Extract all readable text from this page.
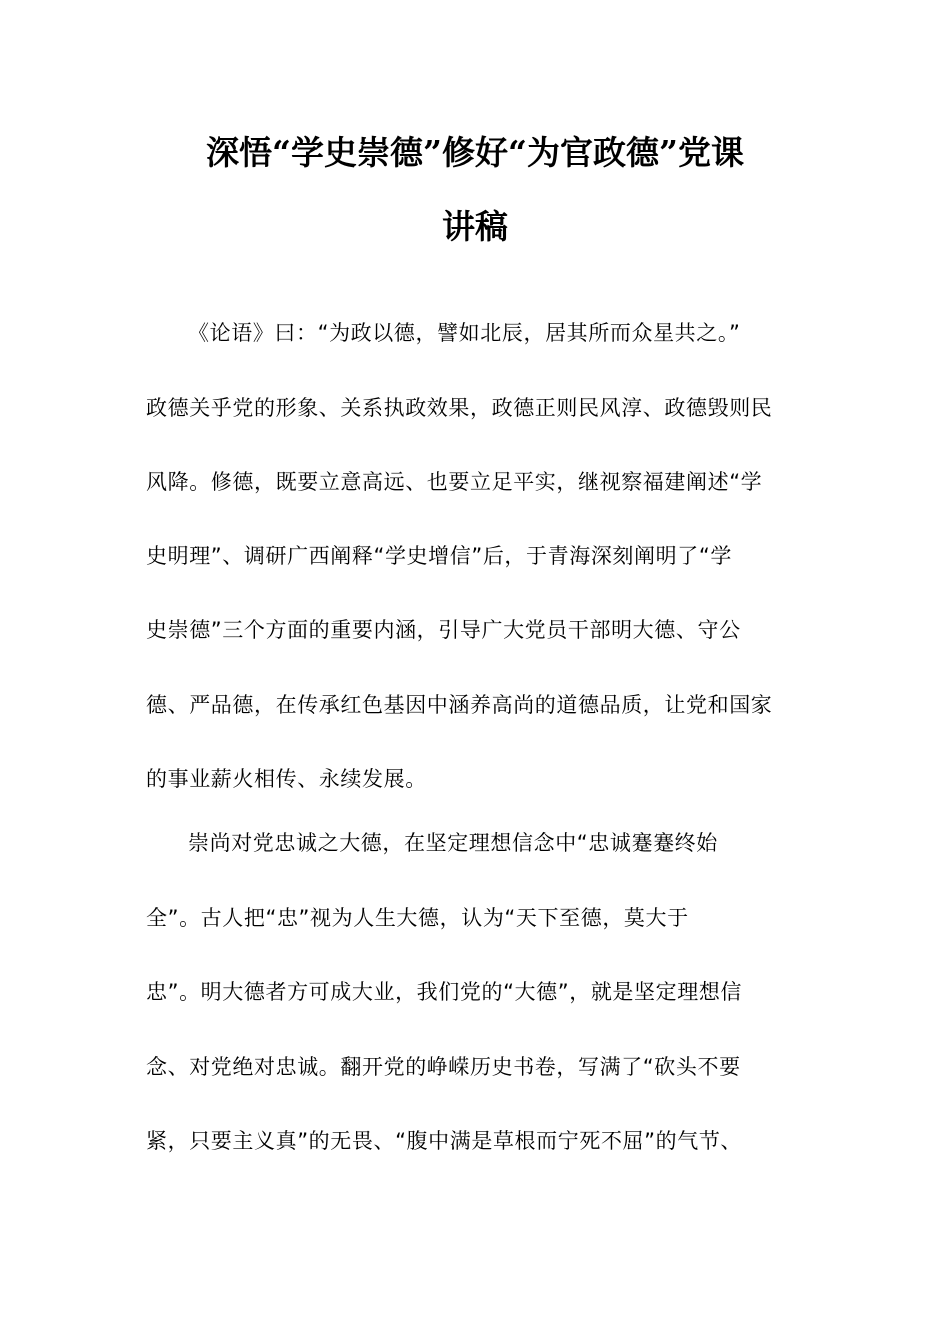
深悟“学史崇德”修好“为官政德”党课
讲稿

《论语》曰：“为政以德，譬如北辰，居其所而众星共之。”

政德关乎党的形象、关系执政效果，政德正则民风淳、政德毁则民

风降。修德，既要立意高远、也要立足平实，继视察福建阐述“学

史明理”、调研广西阐释“学史增信”后，于青海深刻阐明了“学

史崇德”三个方面的重要内涵，引导广大党员干部明大德、守公

德、严品德，在传承红色基因中涵养高尚的道德品质，让党和国家

的事业薪火相传、永续发展。

崇尚对党忠诚之大德，在坚定理想信念中“忠诚蹇蹇终始

全”。古人把“忠”视为人生大德，认为“天下至德，莫大于

忠”。明大德者方可成大业，我们党的“大德”，就是坚定理想信

念、对党绝对忠诚。翻开党的峥嵘历史书卷，写满了“砍头不要

紧，只要主义真”的无畏、“腹中满是草根而宁死不屈”的气节、
